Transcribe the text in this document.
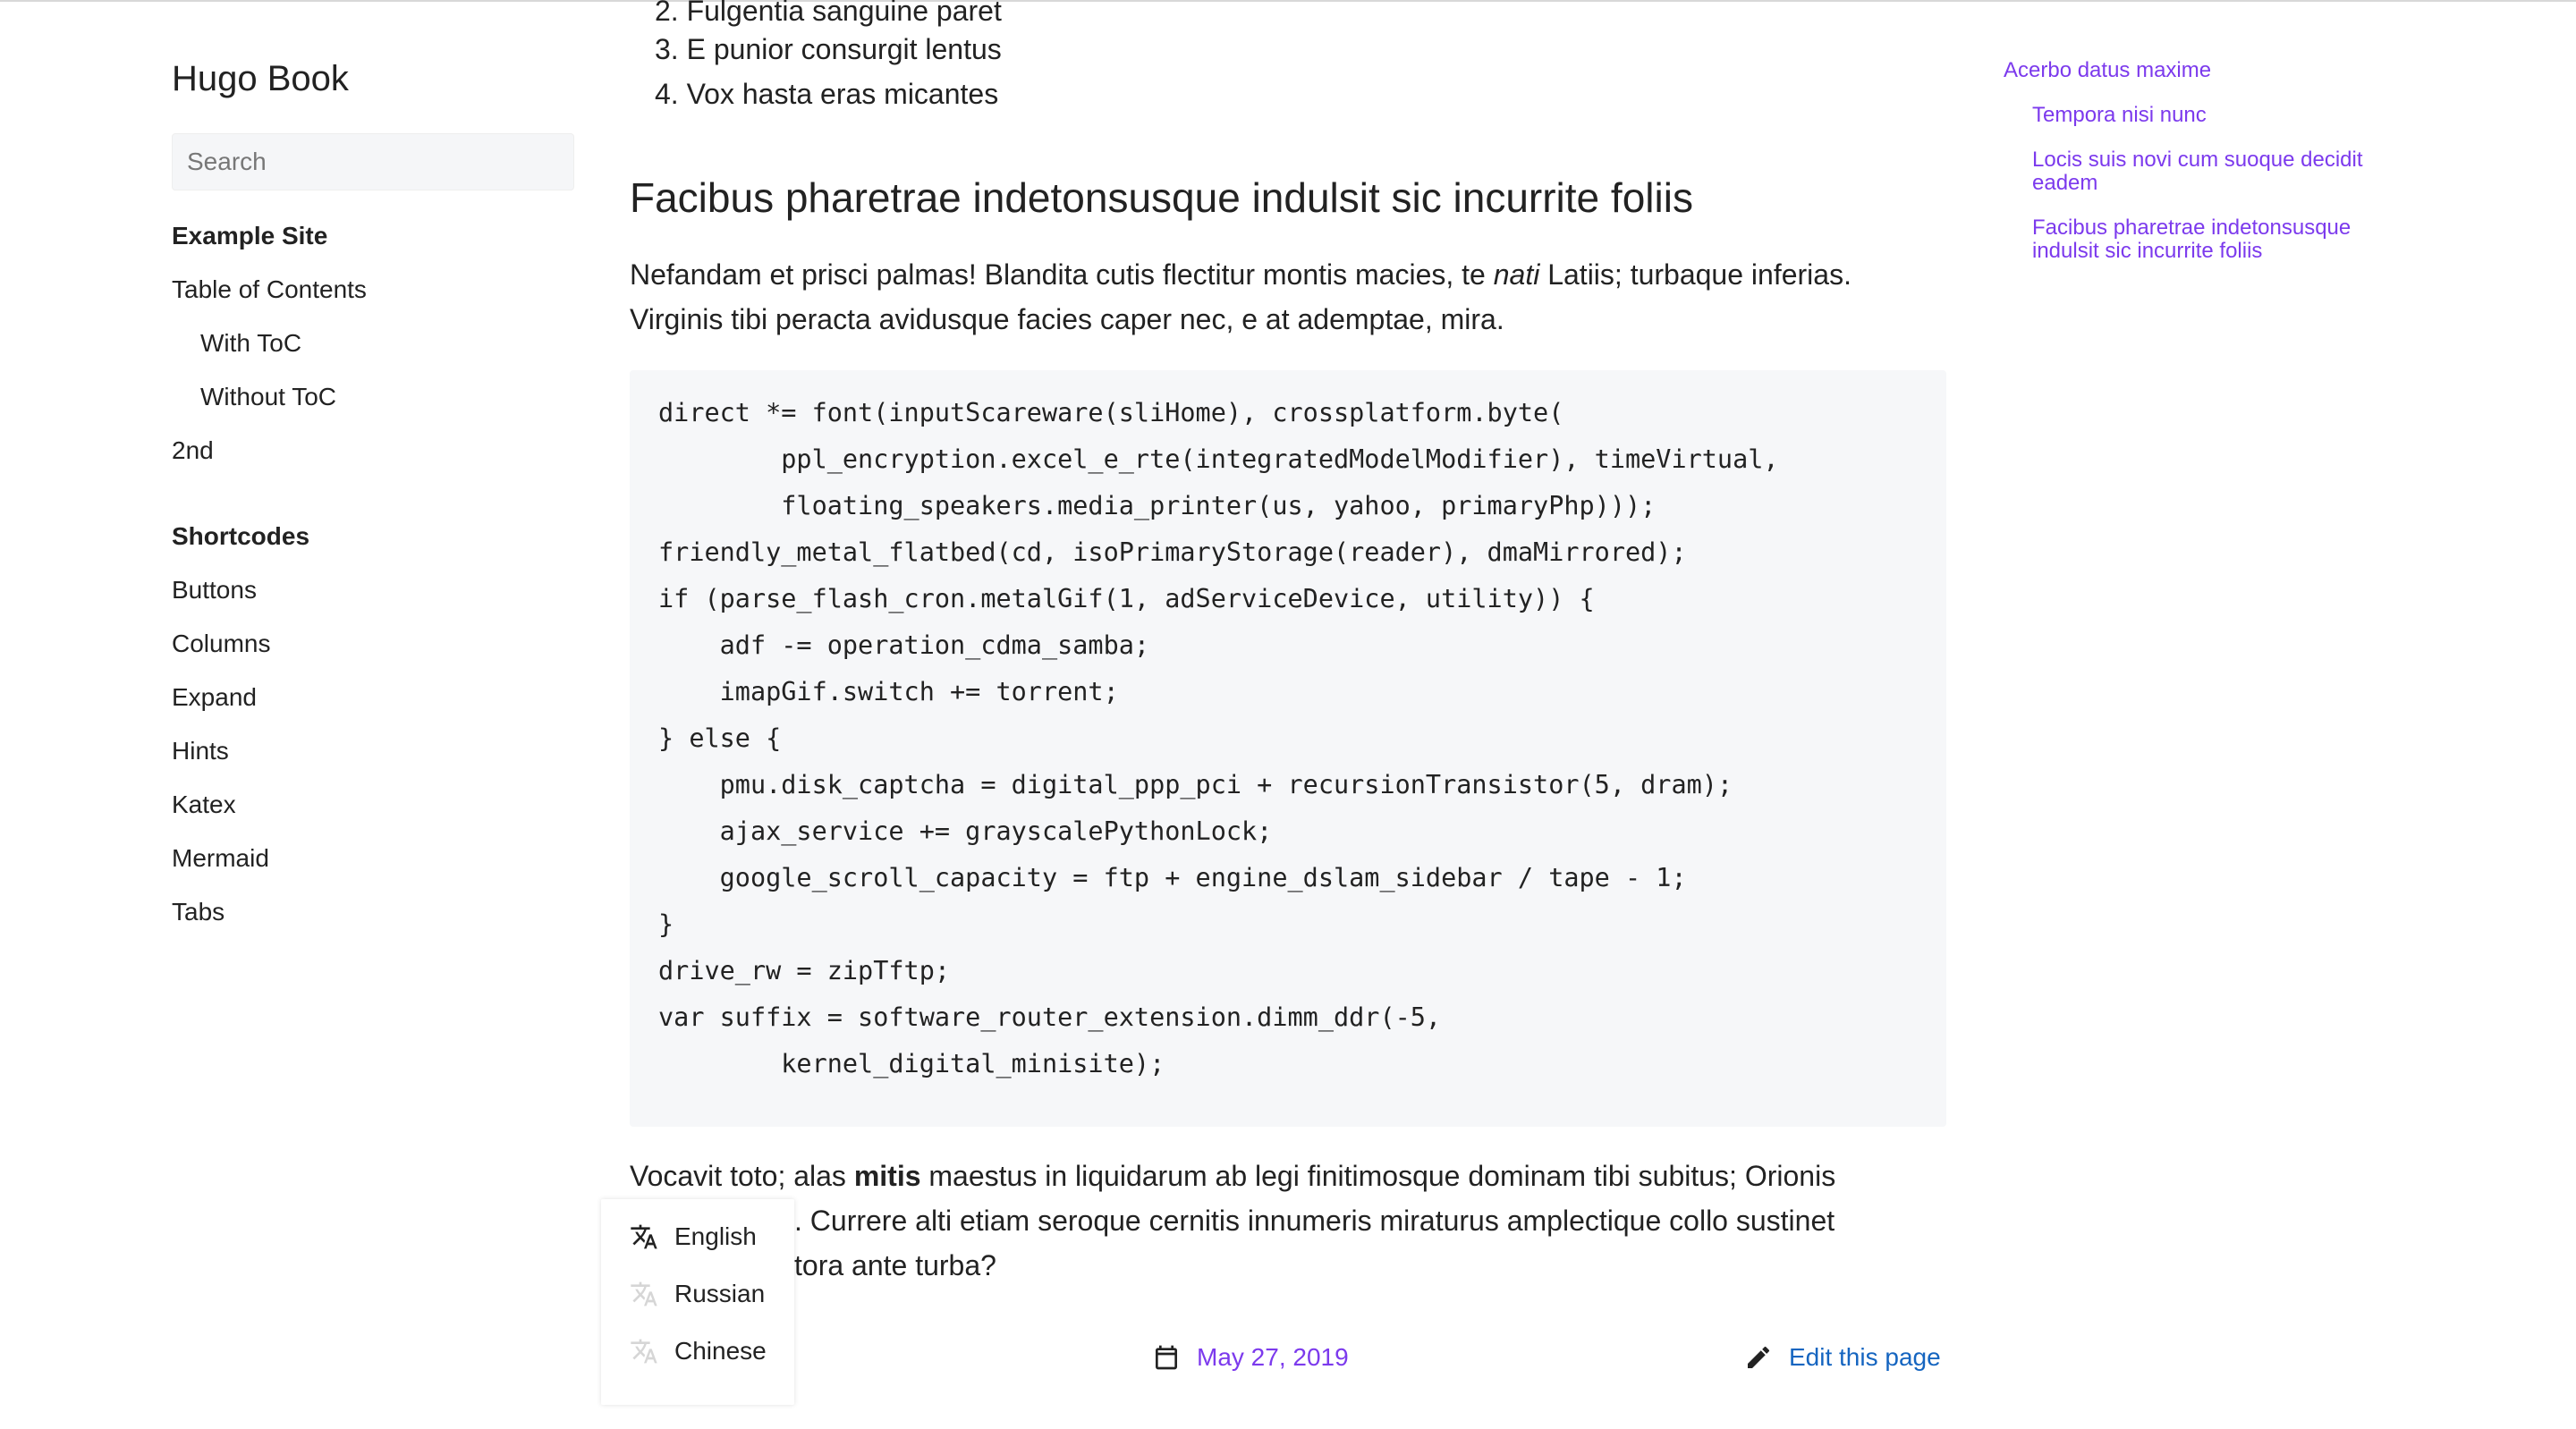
Hugo Book
Search
Example Site
Table of Contents
With ToC
Without ToC
2nd
Shortcodes
Buttons
Columns
Expand
Hints
Katex
Mermaid
Tabs
2. Fulgentia sanguine paret
3. E punior consurgit lentus
4. Vox hasta eras micantes
Facibus pharetrae indetonsusque indulsit sic incurrite foliis

Nefandam et prisci palmas! Blandita cutis flectitur montis macies, te nati Latiis; turbaque inferias.
Virginis tibi peracta avidusque facies caper nec, e at ademptae, mira.

direct *= font(inputScareware(sliHome), crossplatform.byte(
ppl_encryption.excel_e_rte(integratedModelModifier), timeVirtual,
floating_speakers.media_printer(us, yahoo, primaryPhp)));
friendly_metal_flatbed(cd, isoPrimaryStorage(reader), dmaMirrored);
if (parse_flash_cron.metalGif(1, adServiceDevice, utility)) {
adf -= operation_cdma_samba;
imapGif.switch += torrent;
} else {
pmu.disk_captcha = digital_ppp_pci + recursionTransistor(5, dram);
ajax_service += grayscalePythonLock;
google_scroll_capacity = ftp + engine_dslam_sidebar / tape - 1;
}
drive_rw = zipTftp;
var suffix = software_router_extension.dimm_ddr(-5,
kernel_digital_minisite);

Vocavit toto; alas mitis maestus in liquidarum ab legi finitimosque dominam tibi subitus; Orionis

. Currere alti etiam seroque cernitis innumeris miraturus amplectique collo sustinet

tora ante turba?

English
Russian
Chinese	May 27, 2019	Edit this page
Acerbo datus maxime
Tempora nisi nunc
Locis suis novi cum suoque decidit eadem
Facibus pharetrae indetonsusque indulsit sic incurrite foliis
